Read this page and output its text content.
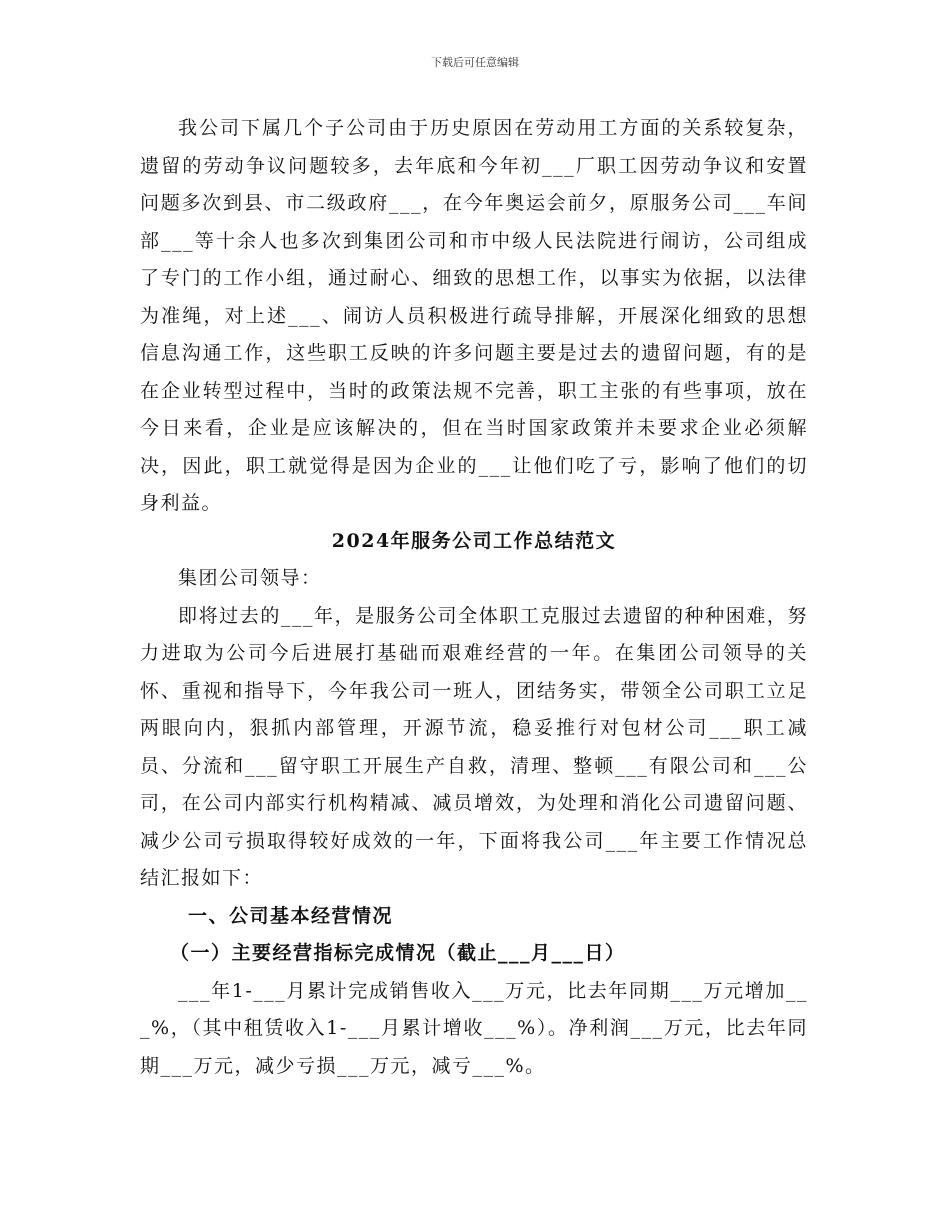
下载后可任意编辑

我公司下属几个子公司由于历史原因在劳动用工方面的关系较复杂，遗留的劳动争议问题较多，去年底和今年初___厂职工因劳动争议和安置问题多次到县、市二级政府___，在今年奥运会前夕，原服务公司___车间部___等十余人也多次到集团公司和市中级人民法院进行闹访，公司组成了专门的工作小组，通过耐心、细致的思想工作，以事实为依据，以法律为准绳，对上述___、闹访人员积极进行疏导排解，开展深化细致的思想信息沟通工作，这些职工反映的许多问题主要是过去的遗留问题，有的是在企业转型过程中，当时的政策法规不完善，职工主张的有些事项，放在今日来看，企业是应该解决的，但在当时国家政策并未要求企业必须解决，因此，职工就觉得是因为企业的___让他们吃了亏，影响了他们的切身利益。

2024年服务公司工作总结范文

集团公司领导：

即将过去的___年，是服务公司全体职工克服过去遗留的种种困难，努力进取为公司今后进展打基础而艰难经营的一年。在集团公司领导的关怀、重视和指导下，今年我公司一班人，团结务实，带领全公司职工立足两眼向内，狠抓内部管理，开源节流，稳妥推行对包材公司___职工减员、分流和___留守职工开展生产自救，清理、整顿___有限公司和___公司，在公司内部实行机构精减、减员增效，为处理和消化公司遗留问题、减少公司亏损取得较好成效的一年，下面将我公司___年主要工作情况总结汇报如下：

一、公司基本经营情况

（一）主要经营指标完成情况（截止___月___日）

___年1-___月累计完成销售收入___万元，比去年同期___万元增加___%，（其中租赁收入1-___月累计增收___%）。净利润___万元，比去年同期___万元，减少亏损___万元，减亏___%。
